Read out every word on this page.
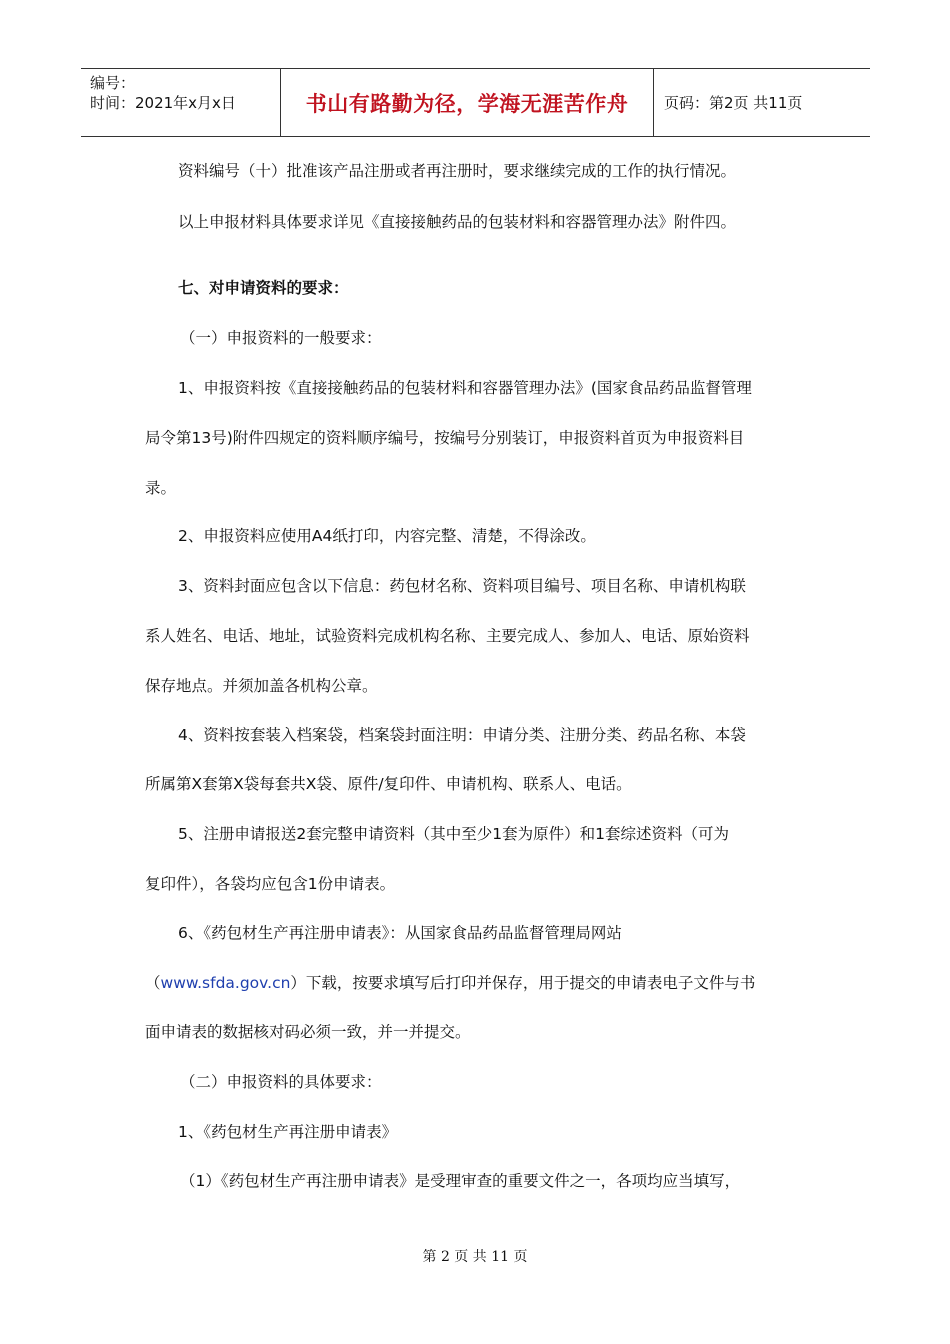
编号：
时间：2021年x月x日	书山有路勤为径，学海无涯苦作舟 页码：第2页 共11页
资料编号（十）批准该产品注册或者再注册时，要求继续完成的工作的执行情况。
以上申报材料具体要求详见《直接接触药品的包装材料和容器管理办法》附件四。
七、对申请资料的要求：
（一）申报资料的一般要求：
1、申报资料按《直接接触药品的包装材料和容器管理办法》(国家食品药品监督管理
局令第13号)附件四规定的资料顺序编号，按编号分别装订，申报资料首页为申报资料目
录。
2、申报资料应使用A4纸打印，内容完整、清楚，不得涂改。
3、资料封面应包含以下信息：药包材名称、资料项目编号、项目名称、申请机构联
系人姓名、电话、地址，试验资料完成机构名称、主要完成人、参加人、电话、原始资料
保存地点。并须加盖各机构公章。
4、资料按套装入档案袋，档案袋封面注明：申请分类、注册分类、药品名称、本袋
所属第X套第X袋每套共X袋、原件/复印件、申请机构、联系人、电话。
5、注册申请报送2套完整申请资料（其中至少1套为原件）和1套综述资料（可为
复印件），各袋均应包含1份申请表。
6、《药包材生产再注册申请表》：从国家食品药品监督管理局网站
（www.sfda.gov.cn）下载，按要求填写后打印并保存，用于提交的申请表电子文件与书
面申请表的数据核对码必须一致，并一并提交。
（二）申报资料的具体要求：
1、《药包材生产再注册申请表》
（1）《药包材生产再注册申请表》是受理审查的重要文件之一，各项均应当填写，
第 2 页 共 11 页
